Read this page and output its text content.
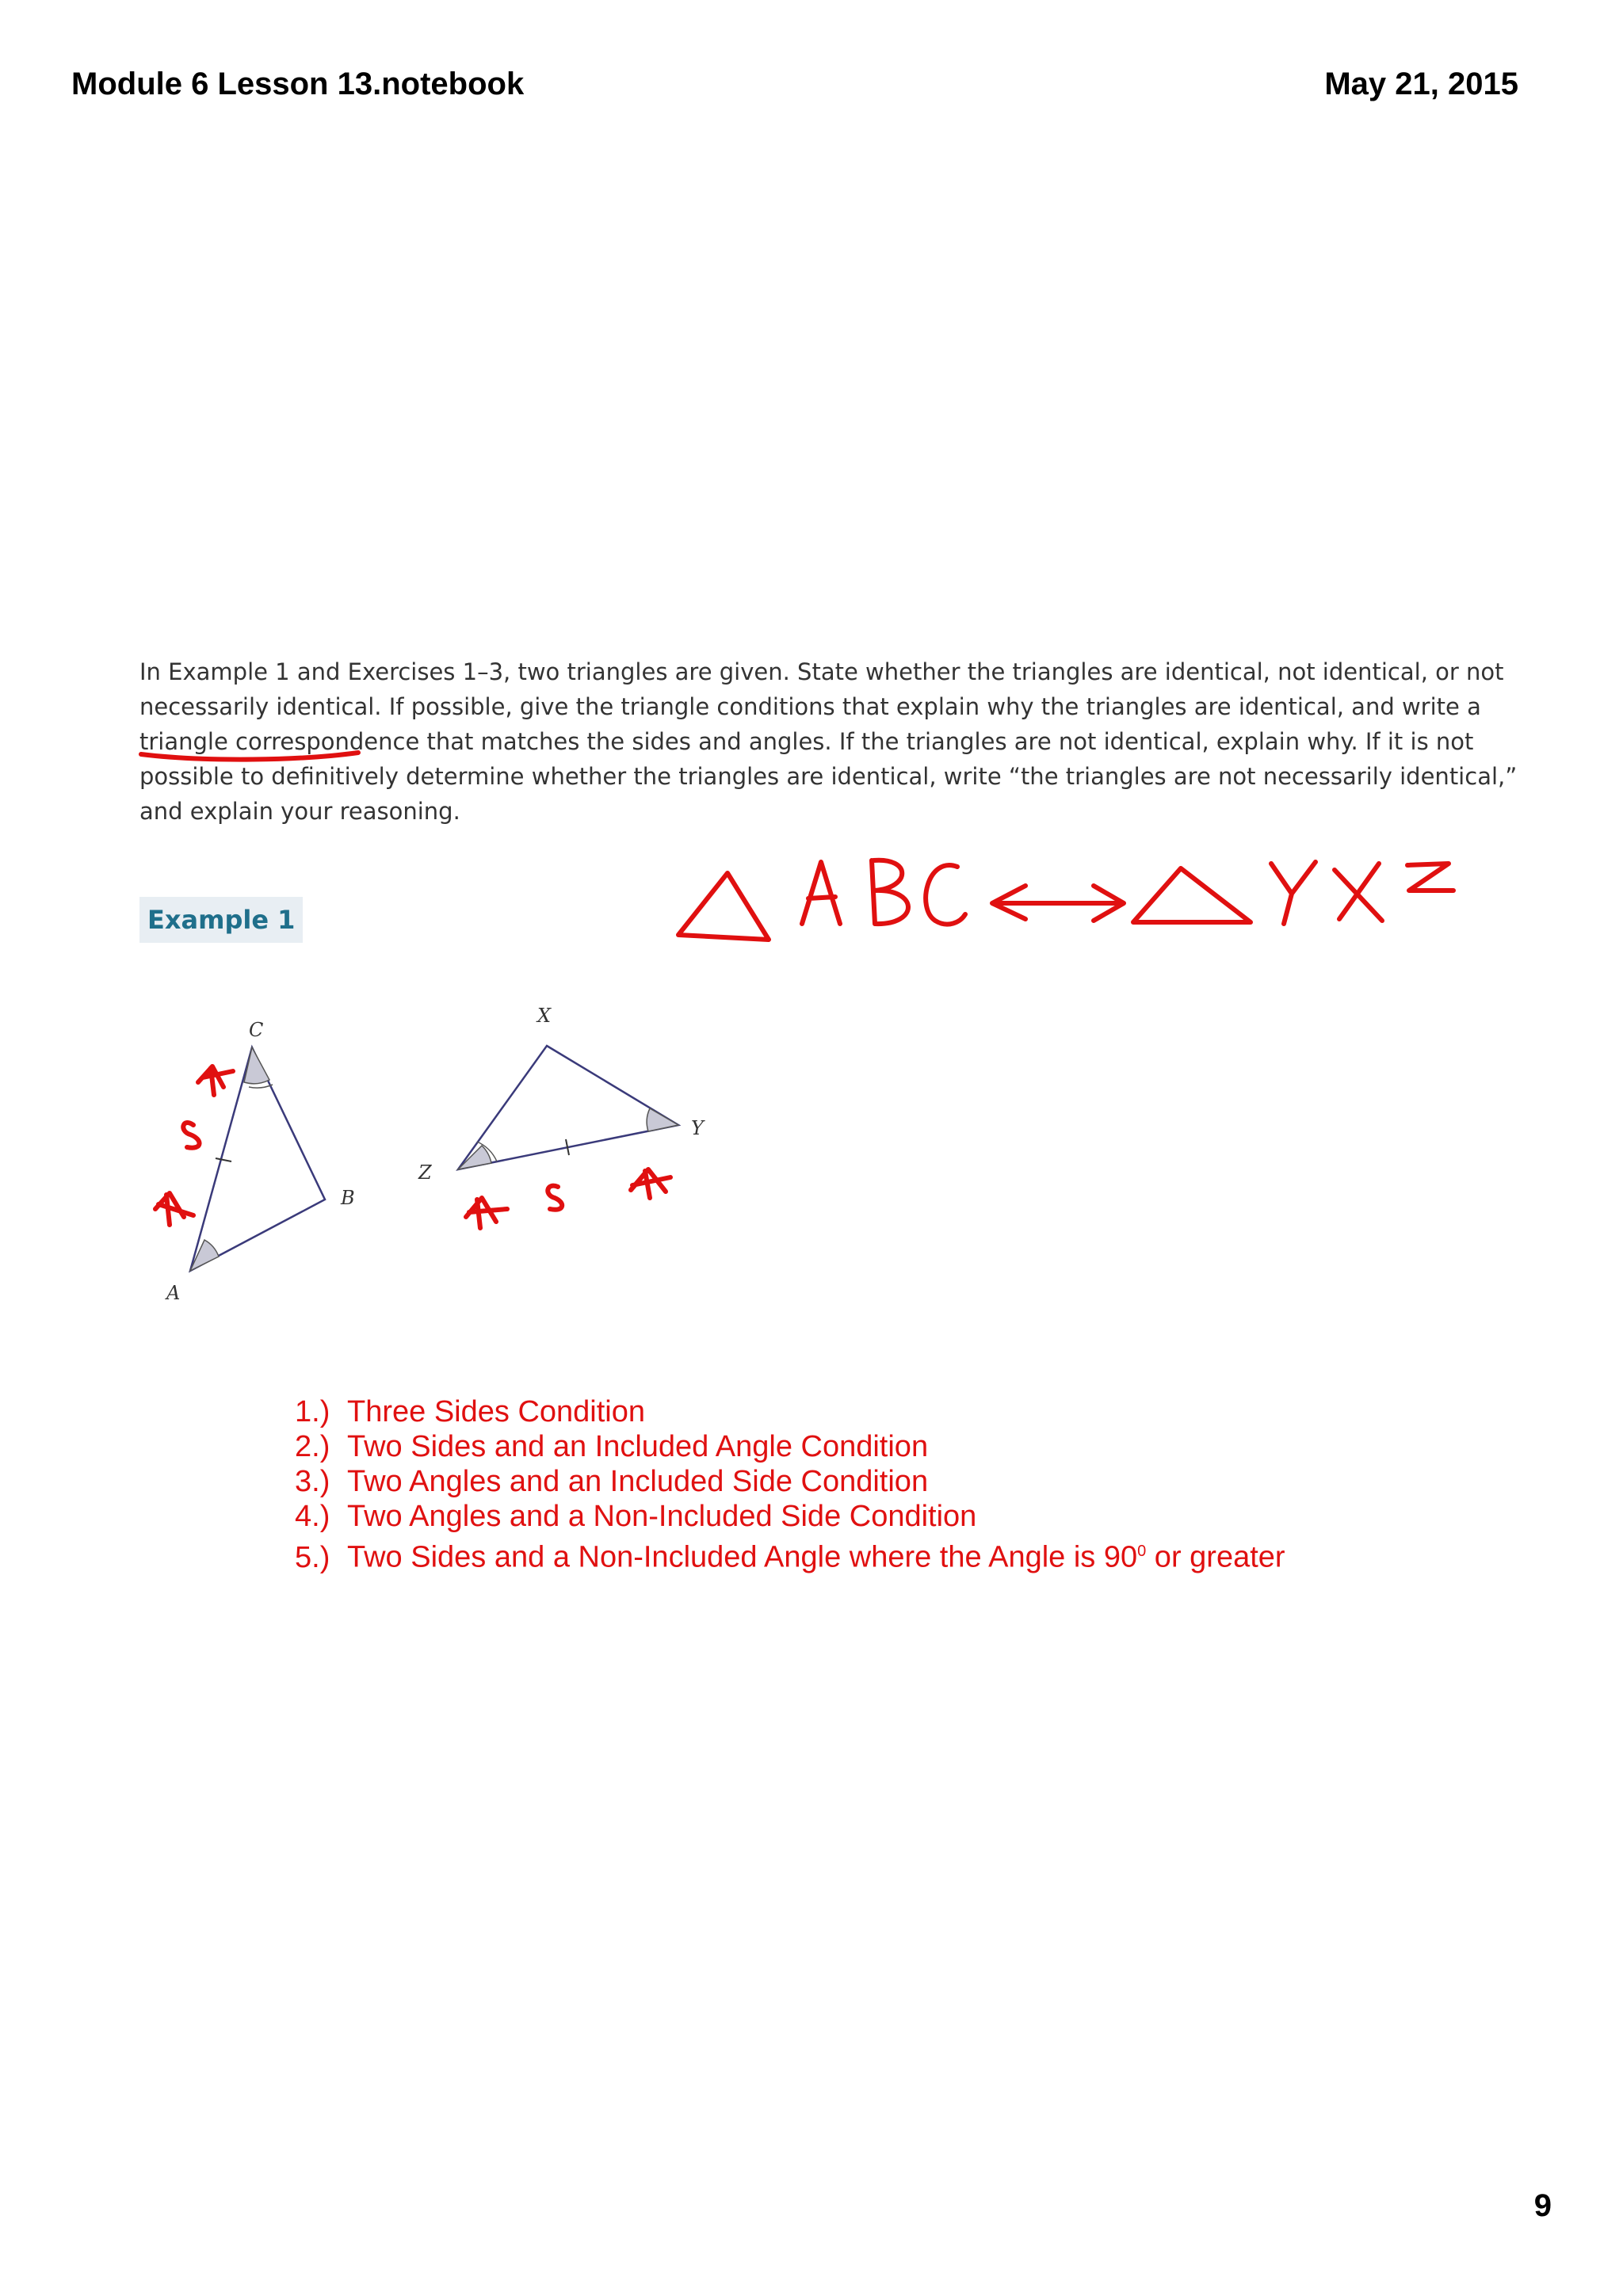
Module 6 Lesson 13.notebook	May 21, 2015

In Example 1 and Exercises 1–3, two triangles are given. State whether the triangles are identical, not identical, or not

necessarily identical. If possible, give the triangle conditions that explain why the triangles are identical, and write a

triangle correspondence that matches the sides and angles. If the triangles are not identical, explain why. If it is not

possible to definitively determine whether the triangles are identical, write “the triangles are not necessarily identical,”

and explain your reasoning.

Example 1
C
B
A
X
Y
Z
△ABC ⟷ △YXZ
1.) Three Sides Condition
2.) Two Sides and an Included Angle Condition
3.) Two Angles and an Included Side Condition
4.) Two Angles and a Non-Included Side Condition
5.) Two Sides and a Non-Included Angle where the Angle is $90^0$ or greater
9
